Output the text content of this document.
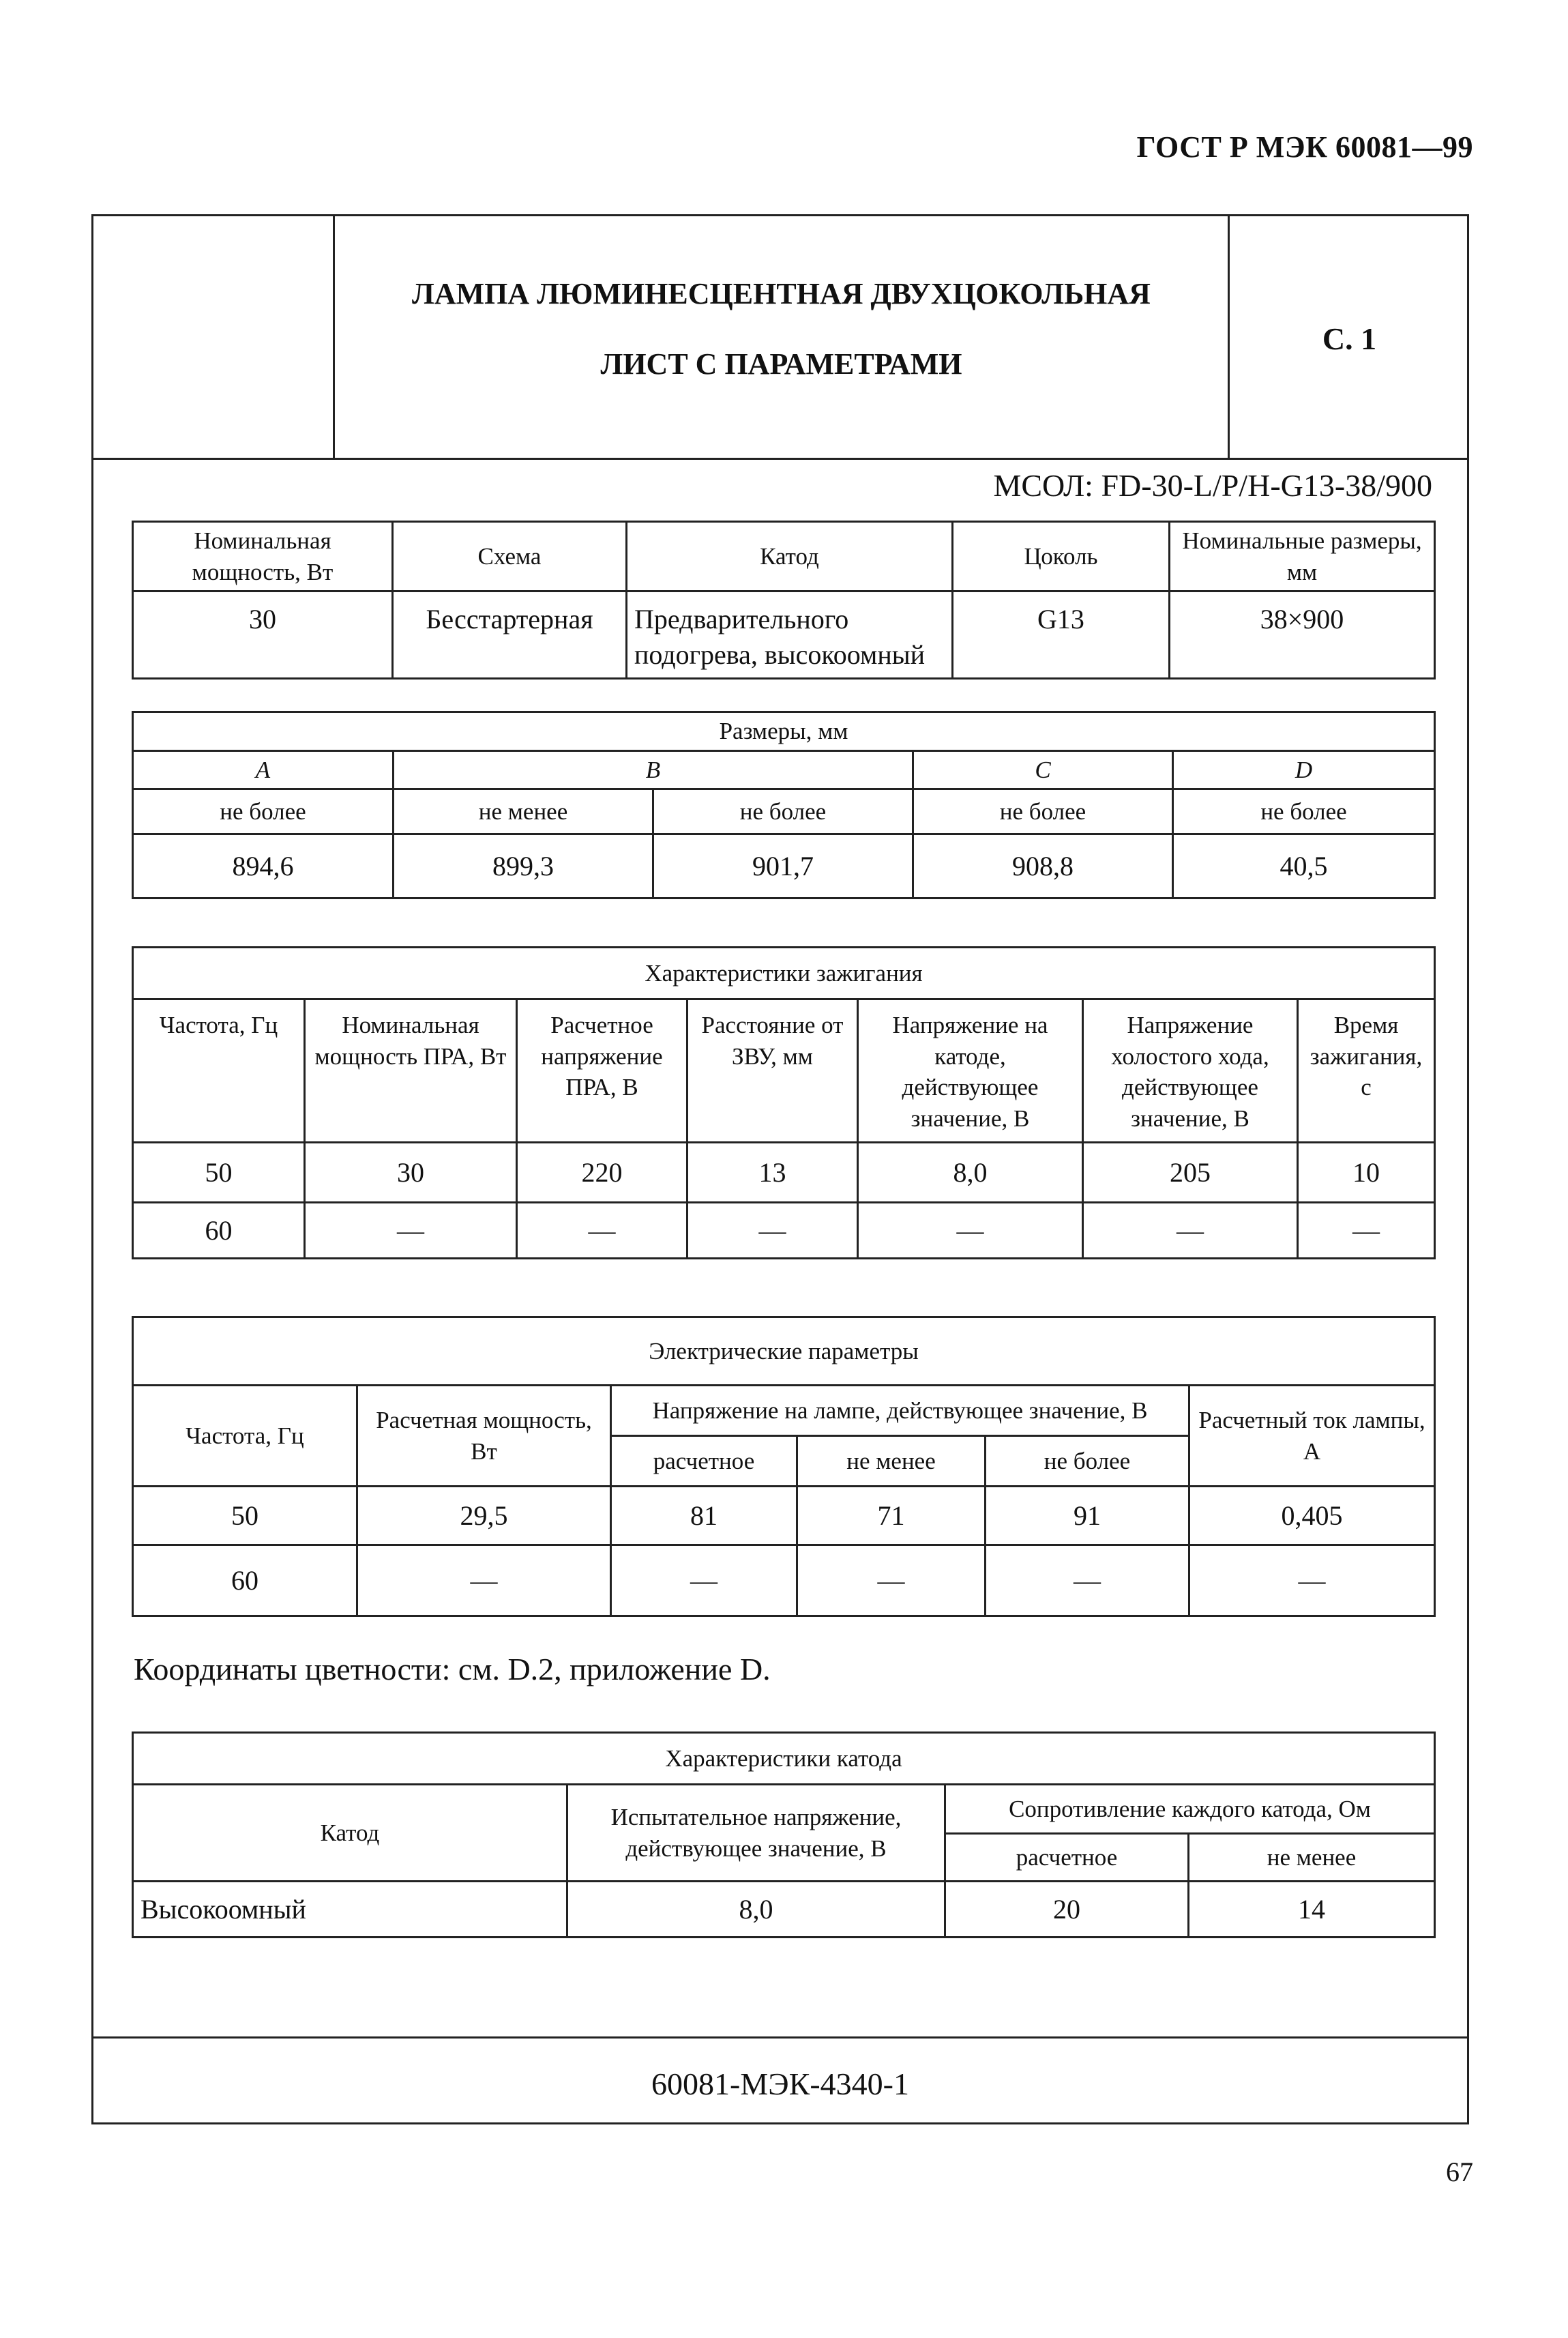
ГОСТ Р МЭК 60081—99
ЛАМПА ЛЮМИНЕСЦЕНТНАЯ ДВУХЦОКОЛЬНАЯ
ЛИСТ С ПАРАМЕТРАМИ
С. 1
МСОЛ: FD-30-L/P/H-G13-38/900
Номинальная мощность, Вт	Схема	Катод	Цоколь	Номинальные размеры, мм
30	Бесстартерная	Предварительного подогрева, высокоомный	G13	38×900
Размеры, мм				
A	B		C	D
не более	не менее	не более	не более	не более
894,6	899,3	901,7	908,8	40,5
Характеристики зажигания						
Частота, Гц	Номинальная мощность ПРА, Вт	Расчетное напряжение ПРА, В	Расстояние от ЗВУ, мм	Напряжение на катоде, действующее значение, В	Напряжение холостого хода, действующее значение, В	Время зажигания, с
50	30	220	13	8,0	205	10
60	—	—	—	—	—	—
Электрические параметры					
Частота, Гц	Расчетная мощность, Вт	Напряжение на лампе, действующее значение, В			Расчетный ток лампы, А
		расчетное	не менее	не более	
50	29,5	81	71	91	0,405
60	—	—	—	—	—
Координаты цветности: см. D.2, приложение D.
Характеристики катода			
Катод	Испытательное напряжение, действующее значение, В	Сопротивление каждого катода, Ом	
		расчетное	не менее
Высокоомный	8,0	20	14
60081-МЭК-4340-1
67
